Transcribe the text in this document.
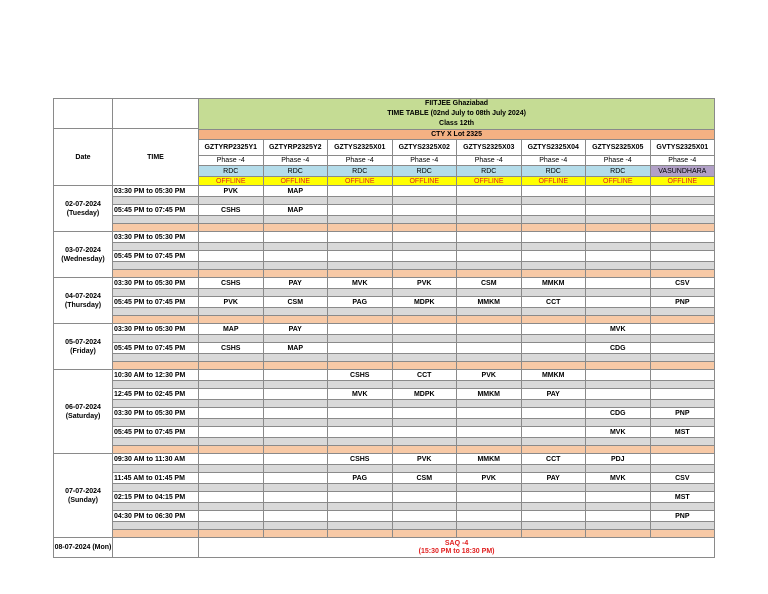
		FIITJEE Ghaziabad
TIME TABLE (02nd July to 08th July 2024)
Class 12th							

Date	TIME								
		CTY X Lot 2325							
		GZTYRP2325Y1	GZTYRP2325Y2	GZTYS2325X01	GZTYS2325X02	GZTYS2325X03	GZTYS2325X04	GZTYS2325X05	GVTYS2325X01
		Phase -4	Phase -4	Phase -4	Phase -4	Phase -4	Phase -4	Phase -4	Phase -4
		RDC	RDC	RDC	RDC	RDC	RDC	RDC	VASUNDHARA
		OFFLINE	OFFLINE	OFFLINE	OFFLINE	OFFLINE	OFFLINE	OFFLINE	OFFLINE

02-07-2024
(Tuesday)	03:30 PM to 05:30 PM	PVK	MAP						

	05:45 PM to 07:45 PM	CSHS	MAP						

03-07-2024
(Wednesday)	03:30 PM to 05:30 PM								

	05:45 PM to 07:45 PM								

04-07-2024
(Thursday)	03:30 PM to 05:30 PM	CSHS	PAY	MVK	PVK	CSM	MMKM		CSV

	05:45 PM to 07:45 PM	PVK	CSM	PAG	MDPK	MMKM	CCT		PNP

05-07-2024
(Friday)	03:30 PM to 05:30 PM	MAP	PAY					MVK	

	05:45 PM to 07:45 PM	CSHS	MAP					CDG	

06-07-2024
(Saturday)	10:30 AM to 12:30 PM			CSHS	CCT	PVK	MMKM		

	12:45 PM to 02:45 PM			MVK	MDPK	MMKM	PAY		

	03:30 PM to 05:30 PM							CDG	PNP

	05:45 PM to 07:45 PM							MVK	MST

07-07-2024
(Sunday)	09:30 AM to 11:30 AM			CSHS	PVK	MMKM	CCT	PDJ	

	11:45 AM to 01:45 PM			PAG	CSM	PVK	PAY	MVK	CSV

	02:15 PM to 04:15 PM								MST

	04:30 PM to 06:30 PM								PNP

08-07-2024 (Mon)		SAQ -4
(15:30 PM to 18:30 PM)							
